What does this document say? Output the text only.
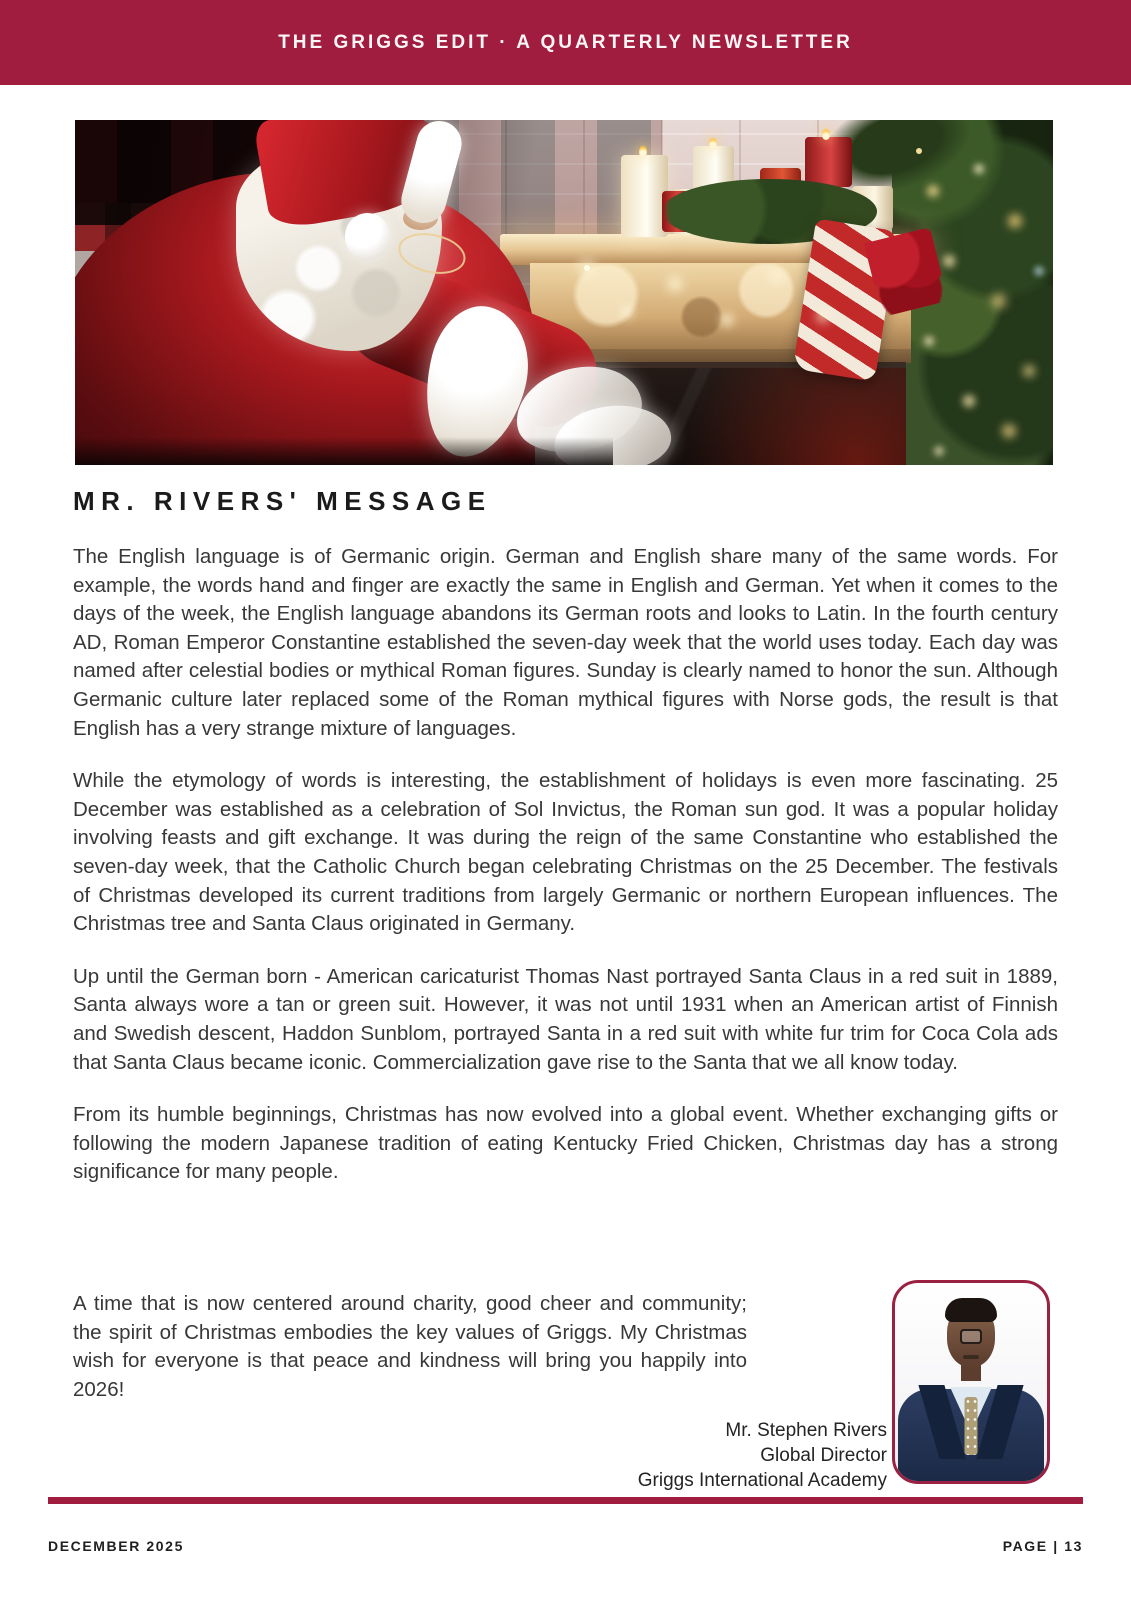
THE GRIGGS EDIT · A QUARTERLY NEWSLETTER
MR. RIVERS' MESSAGE

The English language is of Germanic origin. German and English share many of the same words. For example, the words hand and finger are exactly the same in English and German. Yet when it comes to the days of the week, the English language abandons its German roots and looks to Latin. In the fourth century AD, Roman Emperor Constantine established the seven-day week that the world uses today. Each day was named after celestial bodies or mythical Roman figures. Sunday is clearly named to honor the sun. Although Germanic culture later replaced some of the Roman mythical figures with Norse gods, the result is that English has a very strange mixture of languages.

While the etymology of words is interesting, the establishment of holidays is even more fascinating. 25 December was established as a celebration of Sol Invictus, the Roman sun god. It was a popular holiday involving feasts and gift exchange. It was during the reign of the same Constantine who established the seven-day week, that the Catholic Church began celebrating Christmas on the 25 December. The festivals of Christmas developed its current traditions from largely Germanic or northern European influences. The Christmas tree and Santa Claus originated in Germany.

Up until the German born - American caricaturist Thomas Nast portrayed Santa Claus in a red suit in 1889, Santa always wore a tan or green suit. However, it was not until 1931 when an American artist of Finnish and Swedish descent, Haddon Sunblom, portrayed Santa in a red suit with white fur trim for Coca Cola ads that Santa Claus became iconic. Commercialization gave rise to the Santa that we all know today.

From its humble beginnings, Christmas has now evolved into a global event. Whether exchanging gifts or following the modern Japanese tradition of eating Kentucky Fried Chicken, Christmas day has a strong significance for many people.

A time that is now centered around charity, good cheer and community; the spirit of Christmas embodies the key values of Griggs. My Christmas wish for everyone is that peace and kindness will bring you happily into 2026!

Mr. Stephen Rivers
Global Director
Griggs International Academy
DECEMBER 2025	PAGE | 13
